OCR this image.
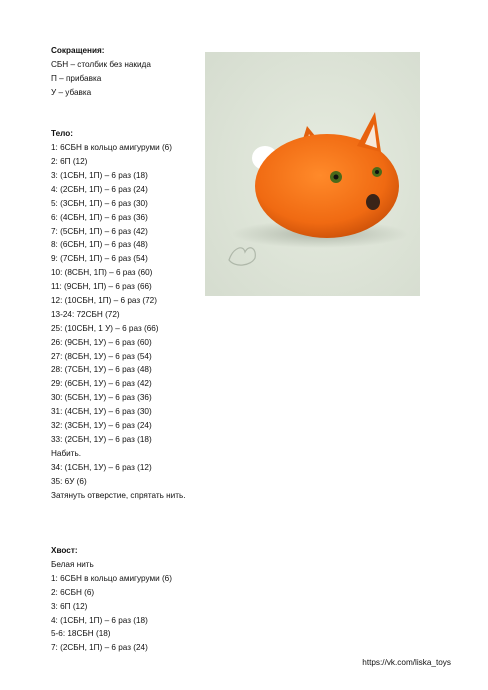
Сокращения:
СБН – столбик без накида
П – прибавка
У – убавка
Тело:
1: 6СБН в кольцо амигуруми (6)
2: 6П (12)
3: (1СБН, 1П) – 6 раз (18)
4: (2СБН, 1П) – 6 раз (24)
5: (3СБН, 1П) – 6 раз (30)
6: (4СБН, 1П) – 6 раз (36)
7: (5СБН, 1П) – 6 раз (42)
8: (6СБН, 1П) – 6 раз (48)
9: (7СБН, 1П) – 6 раз (54)
10: (8СБН, 1П) – 6 раз (60)
11: (9СБН, 1П) – 6 раз (66)
12: (10СБН, 1П) – 6 раз (72)
13-24: 72СБН (72)
25: (10СБН, 1 У) – 6 раз (66)
26: (9СБН, 1У) – 6 раз (60)
27: (8СБН, 1У) – 6 раз (54)
28: (7СБН, 1У) – 6 раз (48)
29: (6СБН, 1У) – 6 раз (42)
30: (5СБН, 1У) – 6 раз (36)
31: (4СБН, 1У) – 6 раз (30)
32: (3СБН, 1У) – 6 раз (24)
33: (2СБН, 1У) – 6 раз (18)
Набить.
34: (1СБН, 1У) – 6 раз (12)
35: 6У (6)
Затянуть отверстие, спрятать нить.
Хвост:
Белая нить
1: 6СБН в кольцо амигуруми (6)
2: 6СБН (6)
3: 6П (12)
4: (1СБН, 1П) – 6 раз (18)
5-6: 18СБН (18)
7: (2СБН, 1П) – 6 раз (24)
https://vk.com/liska_toys
